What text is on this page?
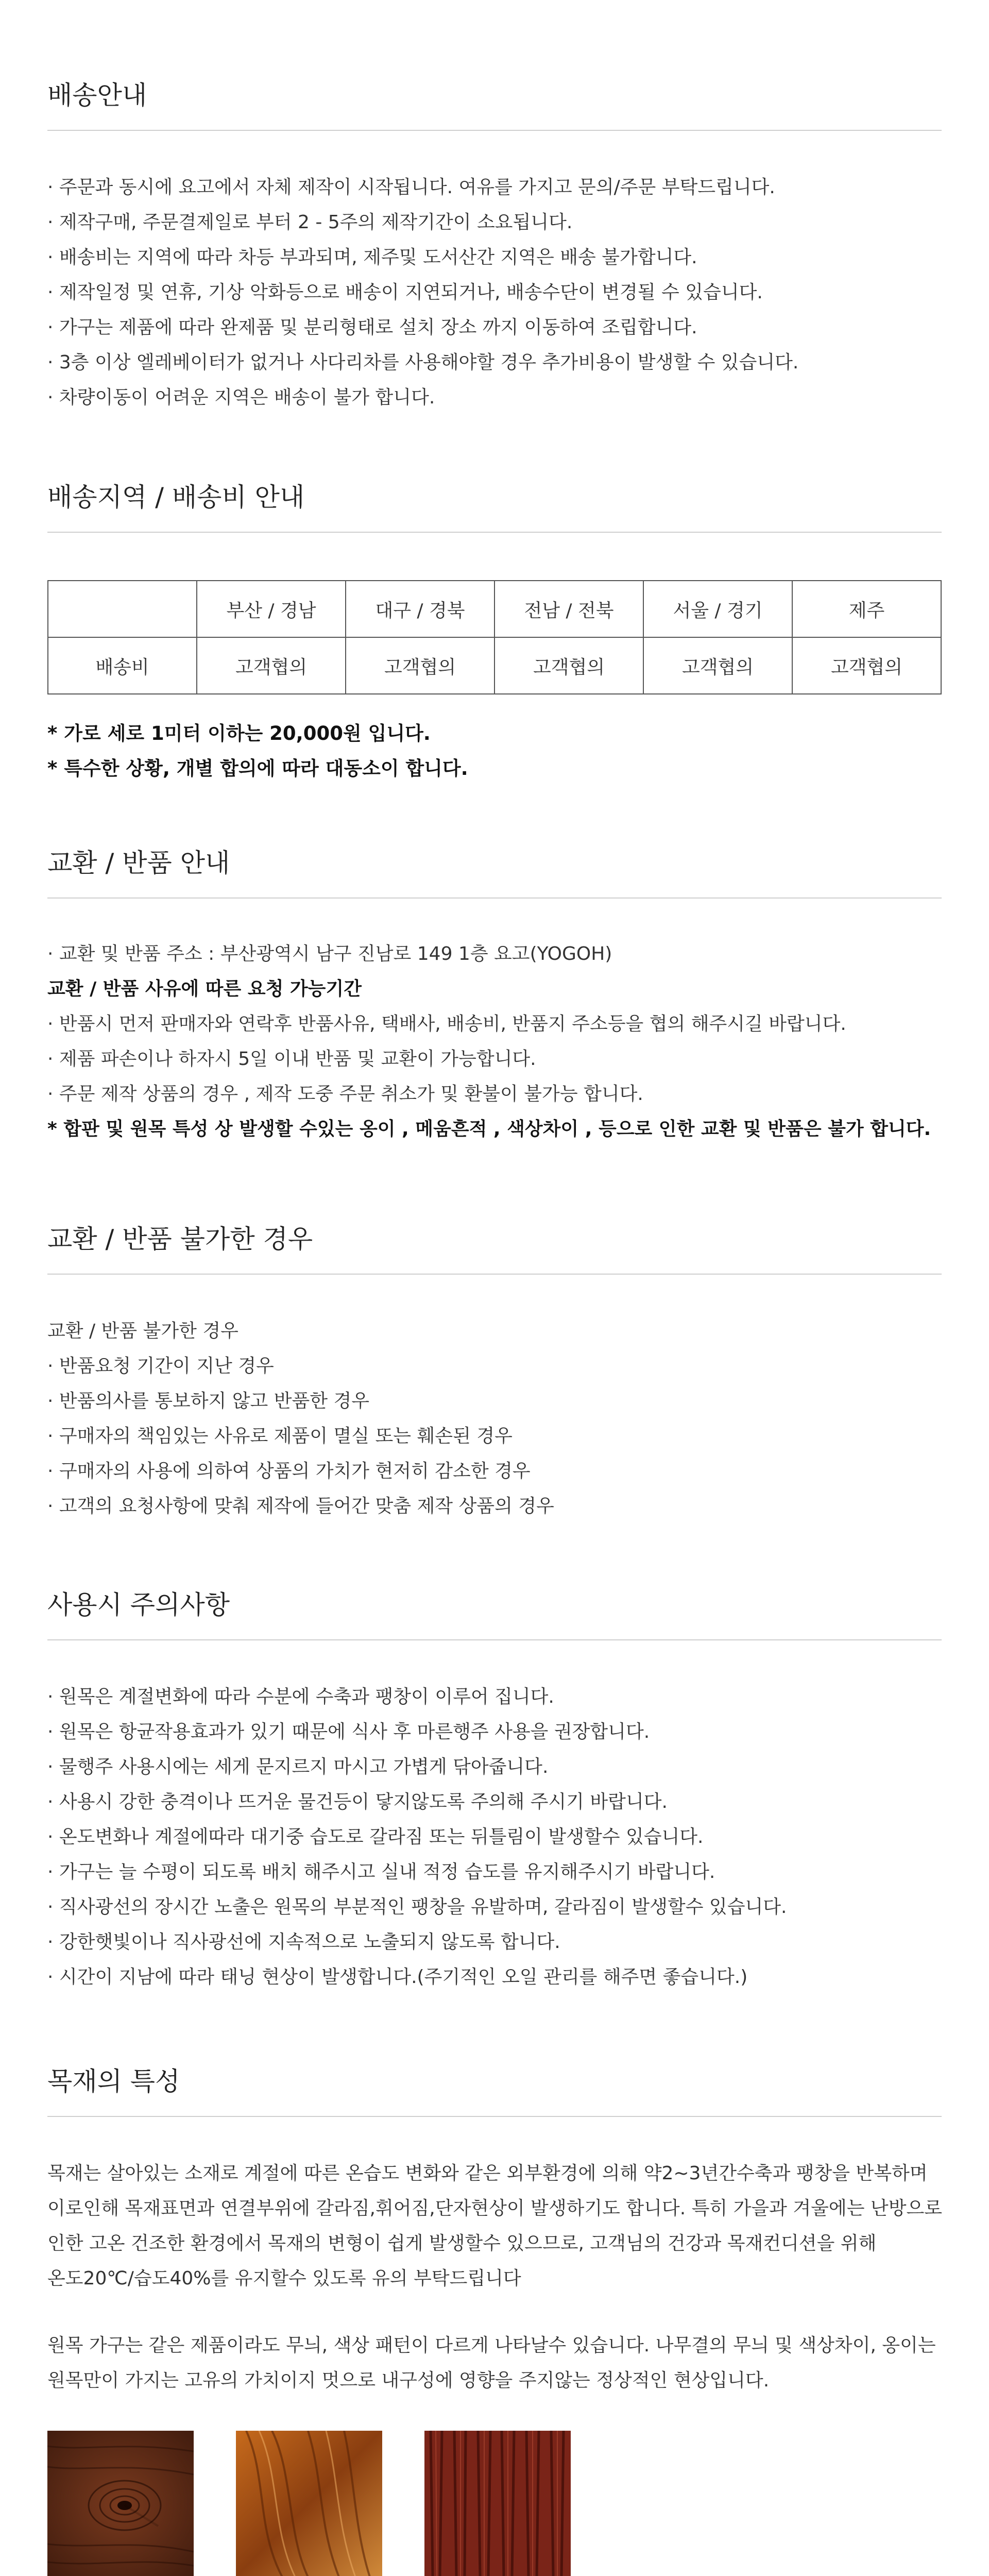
배송안내
· 주문과 동시에 요고에서 자체 제작이 시작됩니다. 여유를 가지고 문의/주문 부탁드립니다.
· 제작구매, 주문결제일로 부터 2 - 5주의 제작기간이 소요됩니다.
· 배송비는 지역에 따라 차등 부과되며, 제주및 도서산간 지역은 배송 불가합니다.
· 제작일정 및 연휴, 기상 악화등으로 배송이 지연되거나, 배송수단이 변경될 수 있습니다.
· 가구는 제품에 따라 완제품 및 분리형태로 설치 장소 까지 이동하여 조립합니다.
· 3층 이상 엘레베이터가 없거나 사다리차를 사용해야할 경우 추가비용이 발생할 수 있습니다.
· 차량이동이 어려운 지역은 배송이 불가 합니다.
배송지역 / 배송비 안내
	부산 / 경남	대구 / 경북	전남 / 전북	서울 / 경기	제주
배송비	고객협의	고객협의	고객협의	고객협의	고객협의
* 가로 세로 1미터 이하는 20,000원 입니다.
* 특수한 상황, 개별 합의에 따라 대동소이 합니다.
교환 / 반품 안내
· 교환 및 반품 주소 : 부산광역시 남구 진남로 149 1층 요고(YOGOH)
교환 / 반품 사유에 따른 요청 가능기간
· 반품시 먼저 판매자와 연락후 반품사유, 택배사, 배송비, 반품지 주소등을 협의 해주시길 바랍니다.
· 제품 파손이나 하자시 5일 이내 반품 및 교환이 가능합니다.
· 주문 제작 상품의 경우 , 제작 도중 주문 취소가 및 환불이 불가능 합니다.
* 합판 및 원목 특성 상 발생할 수있는 옹이 , 메움흔적 , 색상차이 , 등으로 인한 교환 및 반품은 불가 합니다.
교환 / 반품 불가한 경우
교환 / 반품 불가한 경우
· 반품요청 기간이 지난 경우
· 반품의사를 통보하지 않고 반품한 경우
· 구매자의 책임있는 사유로 제품이 멸실 또는 훼손된 경우
· 구매자의 사용에 의하여 상품의 가치가 현저히 감소한 경우
· 고객의 요청사항에 맞춰 제작에 들어간 맞춤 제작 상품의 경우
사용시 주의사항
· 원목은 계절변화에 따라 수분에 수축과 팽창이 이루어 집니다.
· 원목은 항균작용효과가 있기 때문에 식사 후 마른행주 사용을 권장합니다.
· 물행주 사용시에는 세게 문지르지 마시고 가볍게 닦아줍니다.
· 사용시 강한 충격이나 뜨거운 물건등이 닿지않도록 주의해 주시기 바랍니다.
· 온도변화나 계절에따라 대기중 습도로 갈라짐 또는 뒤틀림이 발생할수 있습니다.
· 가구는 늘 수평이 되도록 배치 해주시고 실내 적정 습도를 유지해주시기 바랍니다.
· 직사광선의 장시간 노출은 원목의 부분적인 팽창을 유발하며, 갈라짐이 발생할수 있습니다.
· 강한햇빛이나 직사광선에 지속적으로 노출되지 않도록 합니다.
· 시간이 지남에 따라 태닝 현상이 발생합니다.(주기적인 오일 관리를 해주면 좋습니다.)
목재의 특성
목재는 살아있는 소재로 계절에 따른 온습도 변화와 같은 외부환경에 의해 약2~3년간수축과 팽창을 반복하며
이로인해 목재표면과 연결부위에 갈라짐,휘어짐,단자현상이 발생하기도 합니다. 특히 가을과 겨울에는 난방으로
인한 고온 건조한 환경에서 목재의 변형이 쉽게 발생할수 있으므로, 고객님의 건강과 목재컨디션을 위해
온도20℃/습도40%를 유지할수 있도록 유의 부탁드립니다
원목 가구는 같은 제품이라도 무늬, 색상 패턴이 다르게 나타날수 있습니다. 나무결의 무늬 및 색상차이, 옹이는
원목만이 가지는 고유의 가치이지 멋으로 내구성에 영향을 주지않는 정상적인 현상입니다.
